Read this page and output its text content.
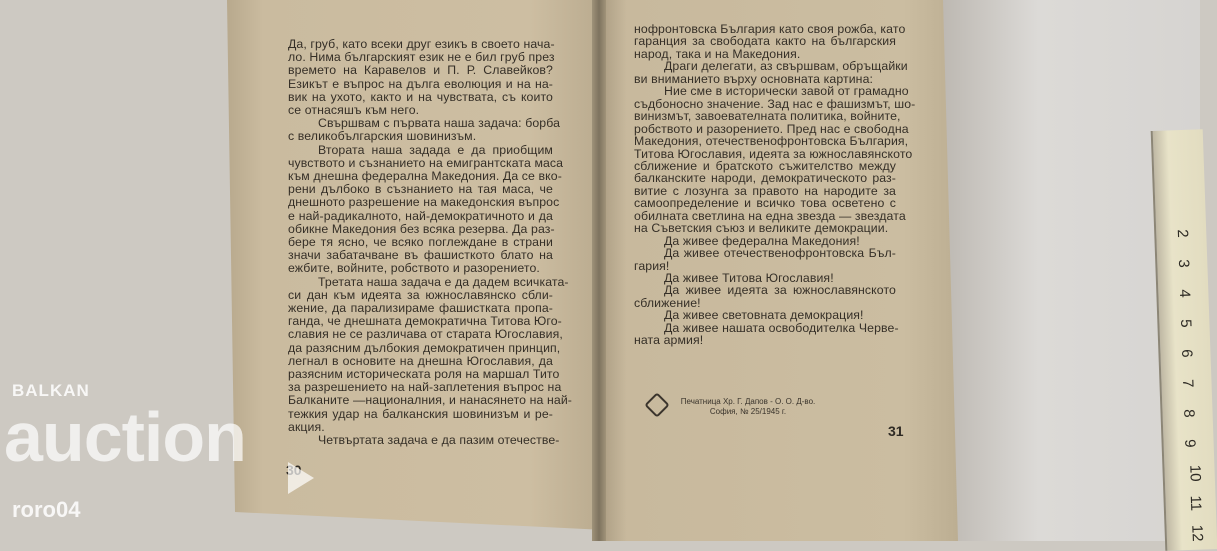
Да, груб, като всеки друг езикъ в своето нача-
ло. Нима българският език не е бил груб през
времето на Каравелов и П. Р. Славейков?
Езикът е въпрос на дълга еволюция и на на-
вик на ухото, както и на чувствата, съ които
се отнасяшъ към него.
Свършвам с първата наша задача: борба
с великобългарския шовинизъм.
Втората наша задада е да приобщим
чувството и съзнанието на емигрантската маса
към днешна федерална Македония. Да се вко-
рени дълбоко в съзнанието на тая маса, че
днешното разрешение на македонския въпрос
е най-радикалното, най-демократичното и да
обикне Македония без всяка резерва. Да раз-
бере тя ясно, че всяко поглеждане в страни
значи забатачване въ фашисткото блато на
ежбите, войните, робството и разорението.
Третата наша задача е да дадем всичката-
си дан към идеята за южнославянско сбли-
жение, да парализираме фашистката пропа-
ганда, че днешната демократична Титова Юго-
славия не се различава от старата Югославия,
да разясним дълбокия демократичен принцип,
легнал в основите на днешна Югославия, да
разясним историческата роля на маршал Тито
за разрешението на най-заплетения въпрос на
Балканите —националния, и нанасянето на най-
тежкия удар на балканския шовинизъм и ре-
акция.
Четвъртата задача е да пазим отечестве-
нофронтовска България като своя рожба, като
гаранция за свободата както на българския
народ, така и на Македония.
Драги делегати, аз свършвам, обръщайки
ви вниманието върху основната картина:
Ние сме в исторически завой от грамадно
съдбоносно значение. Зад нас е фашизмът, шо-
винизмът, завоевателната политика, войните,
робството и разорението. Пред нас е свободна
Македония, отечественофронтовска България,
Титова Югославия, идеята за южнославянското
сближение и братското съжителство между
балканските народи, демократическото раз-
витие с лозунга за правото на народите за
самоопределение и всичко това осветено с
обилната светлина на една звезда — звездата
на Съветския съюз и великите демокрации.
Да живее федерална Македония!
Да живее отечественофронтовска Бъл-
гария!
Да живее Титова Югославия!
Да живее идеята за южнославянското
сближение!
Да живее световната демокрация!
Да живее нашата освободителка Черве-
ната армия!
30
31
Печатница Хр. Г. Дапов - О. О. Д-во.
София, № 25/1945 г.
2
3
4
5
6
7
8
9
10
11
12
BALKAN
auction
roro04
